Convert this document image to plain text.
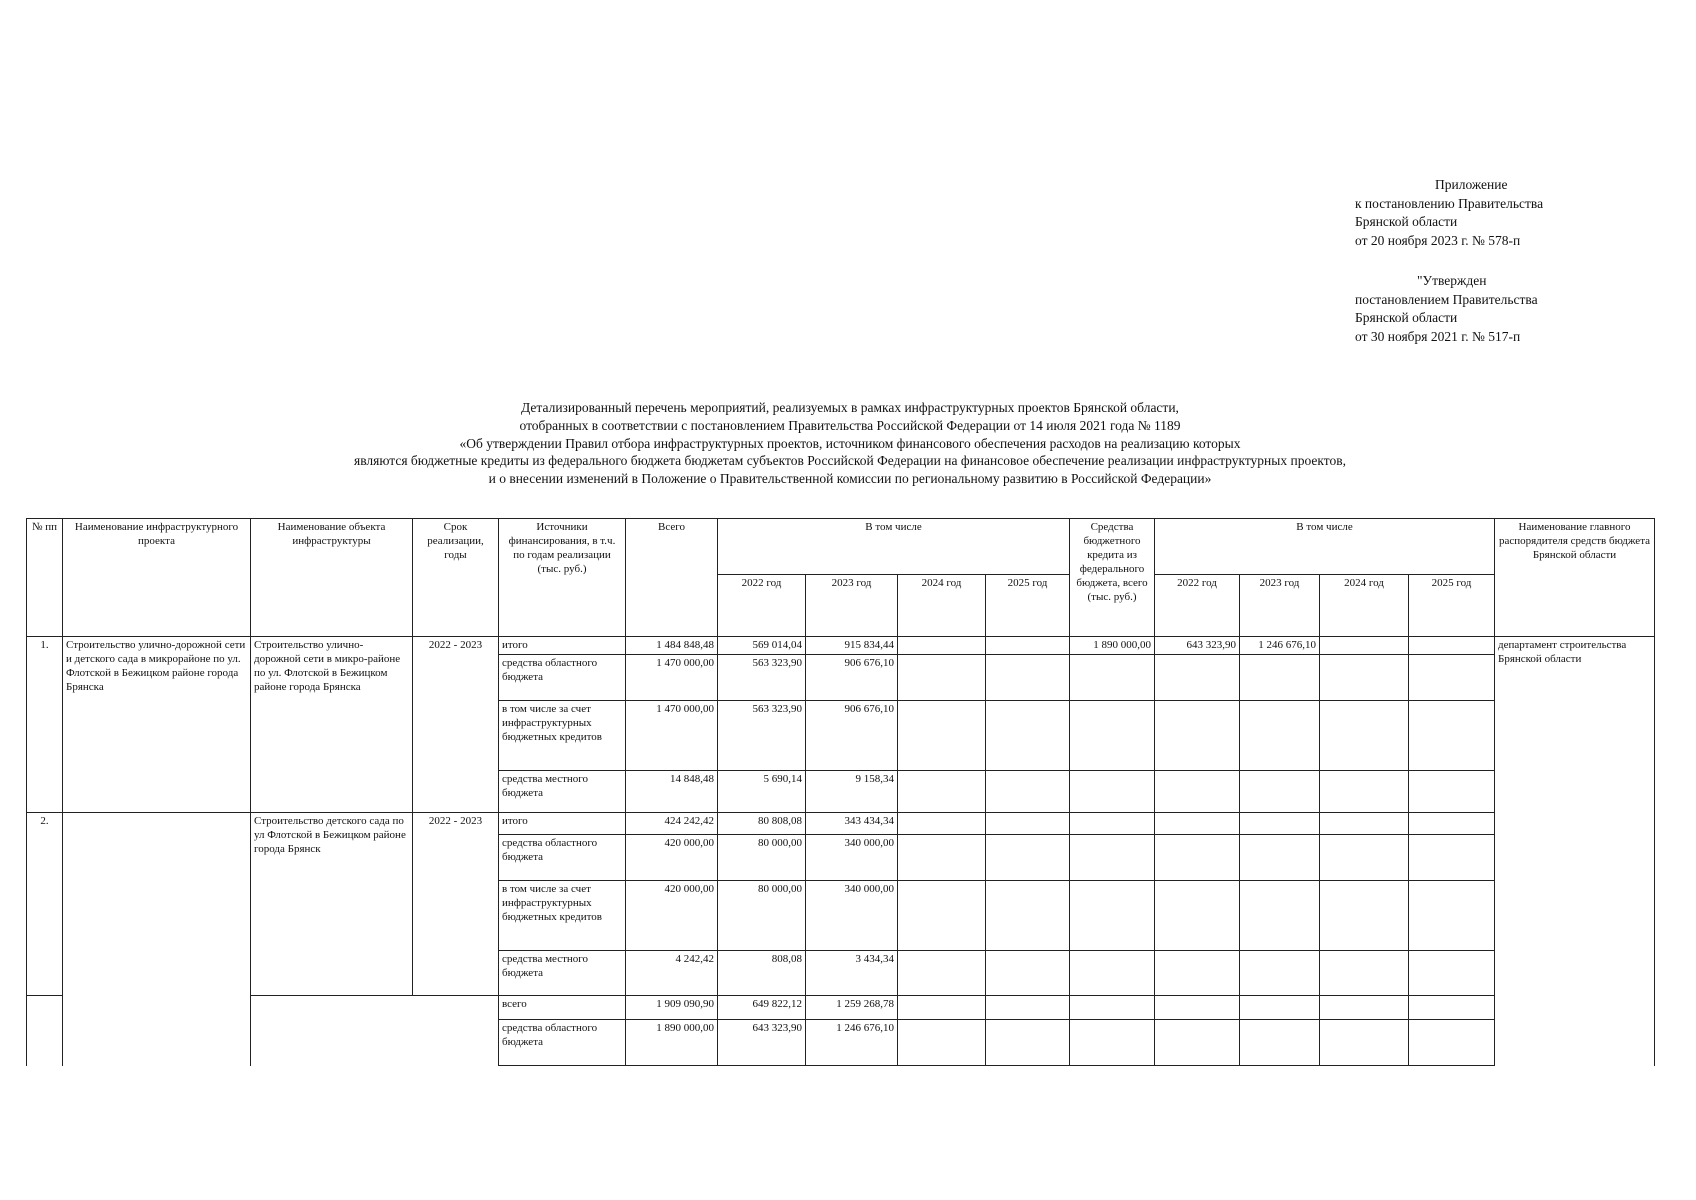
Приложение
к постановлению Правительства
Брянской области
от 20 ноября 2023 г. № 578-п
"Утвержден
постановлением Правительства
Брянской области
от 30 ноября 2021 г. № 517-п
Детализированный перечень мероприятий, реализуемых в рамках инфраструктурных проектов Брянской области,
отобранных в соответствии с постановлением Правительства Российской Федерации от 14 июля 2021 года № 1189
«Об утверждении Правил отбора инфраструктурных проектов, источником финансового обеспечения расходов на реализацию которых
являются бюджетные кредиты из федерального бюджета бюджетам субъектов Российской Федерации на финансовое обеспечение реализации инфраструктурных проектов,
и о внесении изменений в Положение о Правительственной комиссии по региональному развитию в Российской Федерации»
№ пп	Наименование инфраструктурного проекта	Наименование объекта инфраструктуры	Срок реализации, годы	Источники финансирования, в т.ч. по годам реализации (тыс. руб.)	Всего	В том числе				Средства бюджетного кредита из федерального бюджета, всего (тыс. руб.)	В том числе				Наименование главного распорядителя средств бюджета Брянской области
						2022 год	2023 год	2024 год	2025 год		2022 год	2023 год	2024 год	2025 год	
1.	Строительство улично-дорожной сети и детского сада в микрорайоне по ул. Флотской в Бежицком районе города Брянска	Строительство улично-дорожной сети в микро-районе по ул. Флотской в Бежицком районе города Брянска	2022 - 2023	итого	1 484 848,48	569 014,04	915 834,44			1 890 000,00	643 323,90	1 246 676,10			департамент строительства Брянской области
				средства областного бюджета	1 470 000,00	563 323,90	906 676,10								
				в том числе за счет инфраструктурных бюджетных кредитов	1 470 000,00	563 323,90	906 676,10								
				средства местного бюджета	14 848,48	5 690,14	9 158,34								
2.		Строительство детского сада по ул Флотской в Бежицком районе города Брянск	2022 - 2023	итого	424 242,42	80 808,08	343 434,34								
				средства областного бюджета	420 000,00	80 000,00	340 000,00								
				в том числе за счет инфраструктурных бюджетных кредитов	420 000,00	80 000,00	340 000,00								
				средства местного бюджета	4 242,42	808,08	3 434,34								
				всего	1 909 090,90	649 822,12	1 259 268,78								
				средства областного бюджета	1 890 000,00	643 323,90	1 246 676,10								
